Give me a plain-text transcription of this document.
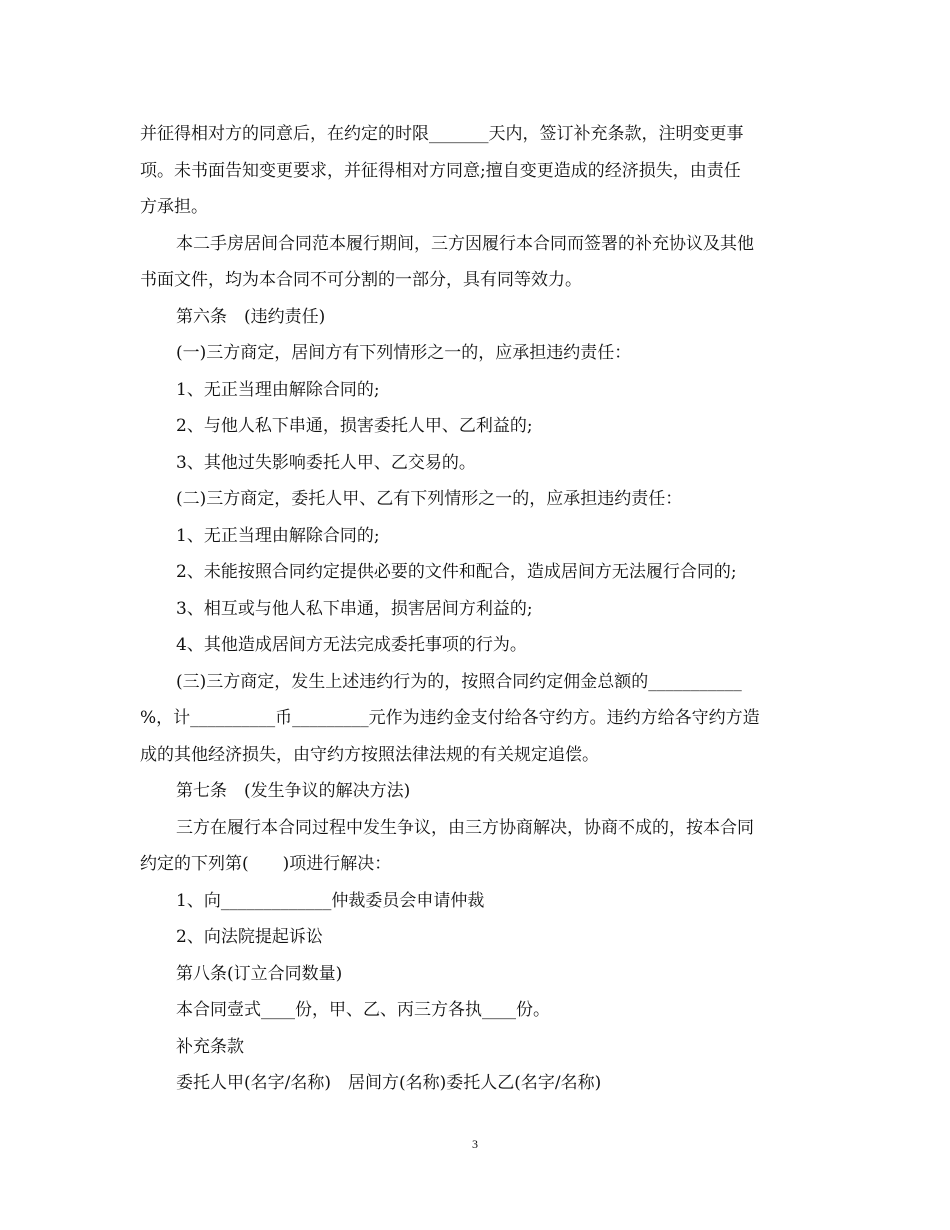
并征得相对方的同意后，在约定的时限_______天内，签订补充条款，注明变更事
项。未书面告知变更要求，并征得相对方同意;擅自变更造成的经济损失，由责任
方承担。
本二手房居间合同范本履行期间，三方因履行本合同而签署的补充协议及其他
书面文件，均为本合同不可分割的一部分，具有同等效力。
第六条　(违约责任)
(一)三方商定，居间方有下列情形之一的，应承担违约责任：
1、无正当理由解除合同的;
2、与他人私下串通，损害委托人甲、乙利益的;
3、其他过失影响委托人甲、乙交易的。
(二)三方商定，委托人甲、乙有下列情形之一的，应承担违约责任：
1、无正当理由解除合同的;
2、未能按照合同约定提供必要的文件和配合，造成居间方无法履行合同的;
3、相互或与他人私下串通，损害居间方利益的;
4、其他造成居间方无法完成委托事项的行为。
(三)三方商定，发生上述违约行为的，按照合同约定佣金总额的___________
%，计__________币_________元作为违约金支付给各守约方。违约方给各守约方造
成的其他经济损失，由守约方按照法律法规的有关规定追偿。
第七条　(发生争议的解决方法)
三方在履行本合同过程中发生争议，由三方协商解决，协商不成的，按本合同
约定的下列第(　　)项进行解决：
1、向_____________仲裁委员会申请仲裁
2、向法院提起诉讼
第八条(订立合同数量)
本合同壹式____份，甲、乙、丙三方各执____份。
补充条款
委托人甲(名字/名称)　居间方(名称)委托人乙(名字/名称)
3
